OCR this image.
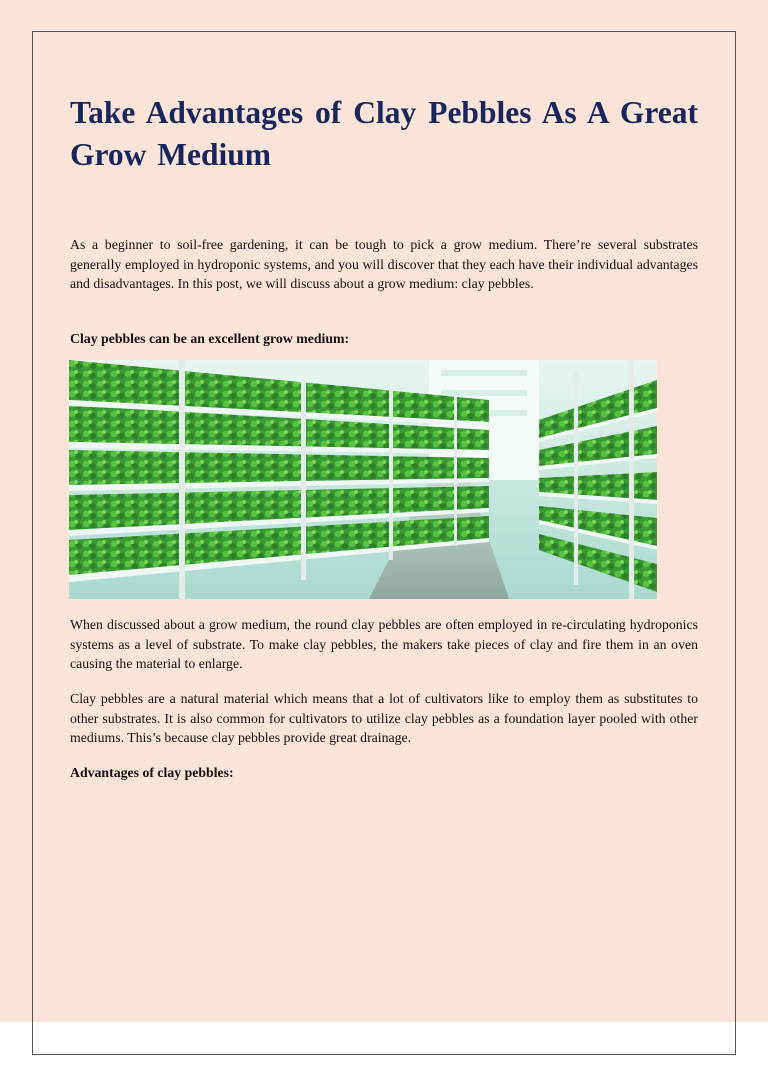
Take Advantages of Clay Pebbles As A Great Grow Medium

As a beginner to soil-free gardening, it can be tough to pick a grow medium. There’re several substrates generally employed in hydroponic systems, and you will discover that they each have their individual advantages and disadvantages. In this post, we will discuss about a grow medium: clay pebbles.

Clay pebbles can be an excellent grow medium:

When discussed about a grow medium, the round clay pebbles are often employed in re-circulating hydroponics systems as a level of substrate. To make clay pebbles, the makers take pieces of clay and fire them in an oven causing the material to enlarge.

Clay pebbles are a natural material which means that a lot of cultivators like to employ them as substitutes to other substrates. It is also common for cultivators to utilize clay pebbles as a foundation layer pooled with other mediums. This’s because clay pebbles provide great drainage.

Advantages of clay pebbles:
